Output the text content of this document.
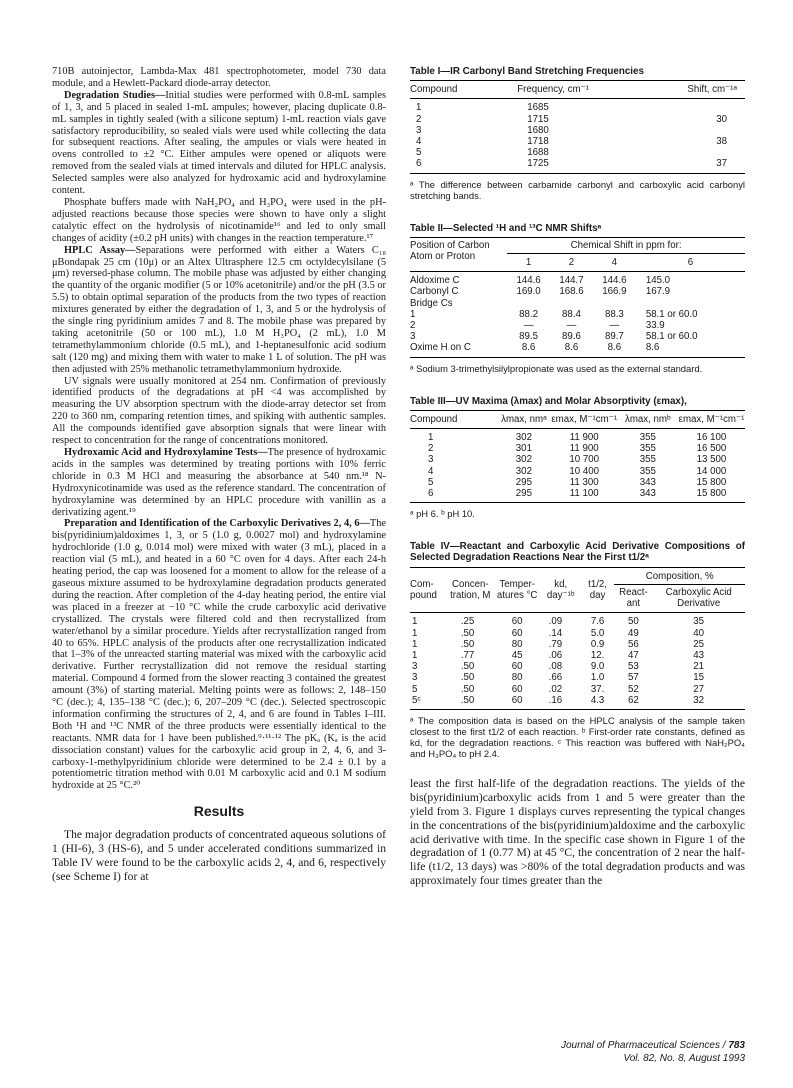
710B autoinjector, Lambda-Max 481 spectrophotometer, model 730 data module, and a Hewlett-Packard diode-array detector.

Degradation Studies—Initial studies were performed with 0.8-mL samples of 1, 3, and 5 placed in sealed 1-mL ampules; however, placing duplicate 0.8-mL samples in tightly sealed (with a silicone septum) 1-mL reaction vials gave satisfactory reproducibility, so sealed vials were used while collecting the data for subsequent reactions. After sealing, the ampules or vials were heated in ovens controlled to ±2 °C. Either ampules were opened or aliquots were removed from the sealed vials at timed intervals and diluted for HPLC analysis. Selected samples were also analyzed for hydroxamic acid and hydroxylamine content.

Phosphate buffers made with NaH₂PO₄ and H₃PO₄ were used in the pH-adjusted reactions because those species were shown to have only a slight catalytic effect on the hydrolysis of nicotinamide¹⁶ and led to only small changes of acidity (±0.2 pH units) with changes in the reaction temperature.¹⁷

HPLC Assay—Separations were performed with either a Waters C₁₈ μBondapak 25 cm (10μ) or an Altex Ultrasphere 12.5 cm octyldecylsilane (5 μm) reversed-phase column. The mobile phase was adjusted by either changing the quantity of the organic modifier (5 or 10% acetonitrile) and/or the pH (3.5 or 5.5) to obtain optimal separation of the products from the two types of reaction mixtures generated by either the degradation of 1, 3, and 5 or the hydrolysis of the single ring pyridinium amides 7 and 8. The mobile phase was prepared by taking acetonitrile (50 or 100 mL), 1.0 M H₃PO₄ (2 mL), 1.0 M tetramethylammonium chloride (0.5 mL), and 1-heptanesulfonic acid sodium salt (120 mg) and mixing them with water to make 1 L of solution. The pH was then adjusted with 25% methanolic tetramethylammonium hydroxide.

UV signals were usually monitored at 254 nm. Confirmation of previously identified products of the degradations at pH <4 was accomplished by measuring the UV absorption spectrum with the diode-array detector set from 220 to 360 nm, comparing retention times, and spiking with authentic samples. All the compounds identified gave absorption signals that were linear with respect to concentration for the range of concentrations monitored.

Hydroxamic Acid and Hydroxylamine Tests—The presence of hydroxamic acids in the samples was determined by treating portions with 10% ferric chloride in 0.3 M HCl and measuring the absorbance at 540 nm.¹⁸ N-Hydroxynicotinamide was used as the reference standard. The concentration of hydroxylamine was determined by an HPLC procedure with vanillin as a derivatizing agent.¹⁹

Preparation and Identification of the Carboxylic Derivatives 2, 4, 6—The bis(pyridinium)aldoximes 1, 3, or 5 (1.0 g, 0.0027 mol) and hydroxylamine hydrochloride (1.0 g, 0.014 mol) were mixed with water (3 mL), placed in a reaction vial (5 mL), and heated in a 60 °C oven for 4 days. After each 24-h heating period, the cap was loosened for a moment to allow for the release of a gaseous mixture assumed to be hydroxylamine degradation products generated during the reaction. After completion of the 4-day heating period, the entire vial was placed in a freezer at −10 °C while the crude carboxylic acid derivative crystallized. The crystals were filtered cold and then recrystallized from water/ethanol by a similar procedure. Yields after recrystallization ranged from 40 to 65%. HPLC analysis of the products after one recrystallization indicated that 1–3% of the unreacted starting material was mixed with the carboxylic acid derivative. Further recrystallization did not remove the residual starting material. Compound 4 formed from the slower reacting 3 contained the greatest amount (3%) of starting material. Melting points were as follows: 2, 148–150 °C (dec.); 4, 135–138 °C (dec.); 6, 207–209 °C (dec.). Selected spectroscopic information confirming the structures of 2, 4, and 6 are found in Tables I–III. Both ¹H and ¹³C NMR of the three products were essentially identical to the reactants. NMR data for 1 have been published.⁹·¹¹·¹² The pKₐ (Kₐ is the acid dissociation constant) values for the carboxylic acid group in 2, 4, 6, and 3-carboxy-1-methylpyridinium chloride were determined to be 2.4 ± 0.1 by a potentiometric titration method with 0.01 M carboxylic acid and 0.1 M sodium hydroxide at 25 °C.²⁰

Results

The major degradation products of concentrated aqueous solutions of 1 (HI-6), 3 (HS-6), and 5 under accelerated conditions summarized in Table IV were found to be the carboxylic acids 2, 4, and 6, respectively (see Scheme I) for at

Table I—IR Carbonyl Band Stretching Frequencies
Compound	Frequency, cm⁻¹	Shift, cm⁻¹ᵃ
1	1685	
2	1715	30
3	1680	
4	1718	38
5	1688	
6	1725	37
ᵃ The difference between carbamide carbonyl and carboxylic acid carbonyl stretching bands.
Table II—Selected ¹H and ¹³C NMR Shiftsᵃ
Position of Carbon Atom or Proton	Chemical Shift in ppm for:			
	1	2	4	6
Aldoxime C	144.6	144.7	144.6	145.0
Carbonyl C	169.0	168.6	166.9	167.9
Bridge Cs				
1	88.2	88.4	88.3	58.1 or 60.0
2	—	—	—	33.9
3	89.5	89.6	89.7	58.1 or 60.0
Oxime H on C	8.6	8.6	8.6	8.6
ᵃ Sodium 3-trimethylsilylpropionate was used as the external standard.
Table III—UV Maxima (λmax) and Molar Absorptivity (εmax),
Compound	λmax, nmᵃ	εmax, M⁻¹cm⁻¹	λmax, nmᵇ	εmax, M⁻¹cm⁻¹
1	302	11 900	355	16 100
2	301	11 900	355	16 500
3	302	10 700	355	13 500
4	302	10 400	355	14 000
5	295	11 300	343	15 800
6	295	11 100	343	15 800
ᵃ pH 6. ᵇ pH 10.
Table IV—Reactant and Carboxylic Acid Derivative Compositions of Selected Degradation Reactions Near the First t1/2ᵃ
Com-pound	Concen-tration, M	Temper-atures °C	kd, day⁻¹ᵇ	t1/2, day	Composition, %	
					React-ant	Carboxylic Acid Derivative
1	.25	60	.09	7.6	50	35
1	.50	60	.14	5.0	49	40
1	.50	80	.79	0.9	56	25
1	.77	45	.06	12.	47	43
3	.50	60	.08	9.0	53	21
3	.50	80	.66	1.0	57	15
5	.50	60	.02	37.	52	27
5ᶜ	.50	60	.16	4.3	62	32
ᵃ The composition data is based on the HPLC analysis of the sample taken closest to the first t1/2 of each reaction. ᵇ First-order rate constants, defined as kd, for the degradation reactions. ᶜ This reaction was buffered with NaH₂PO₄ and H₃PO₄ to pH 2.4.

least the first half-life of the degradation reactions. The yields of the bis(pyridinium)carboxylic acids from 1 and 5 were greater than the yield from 3. Figure 1 displays curves representing the typical changes in the concentrations of the bis(pyridinium)aldoxime and the carboxylic acid derivative with time. In the specific case shown in Figure 1 of the degradation of 1 (0.77 M) at 45 °C, the concentration of 2 near the half-life (t1/2, 13 days) was >80% of the total degradation products and was approximately four times greater than the

Journal of Pharmaceutical Sciences / 783
Vol. 82, No. 8, August 1993
